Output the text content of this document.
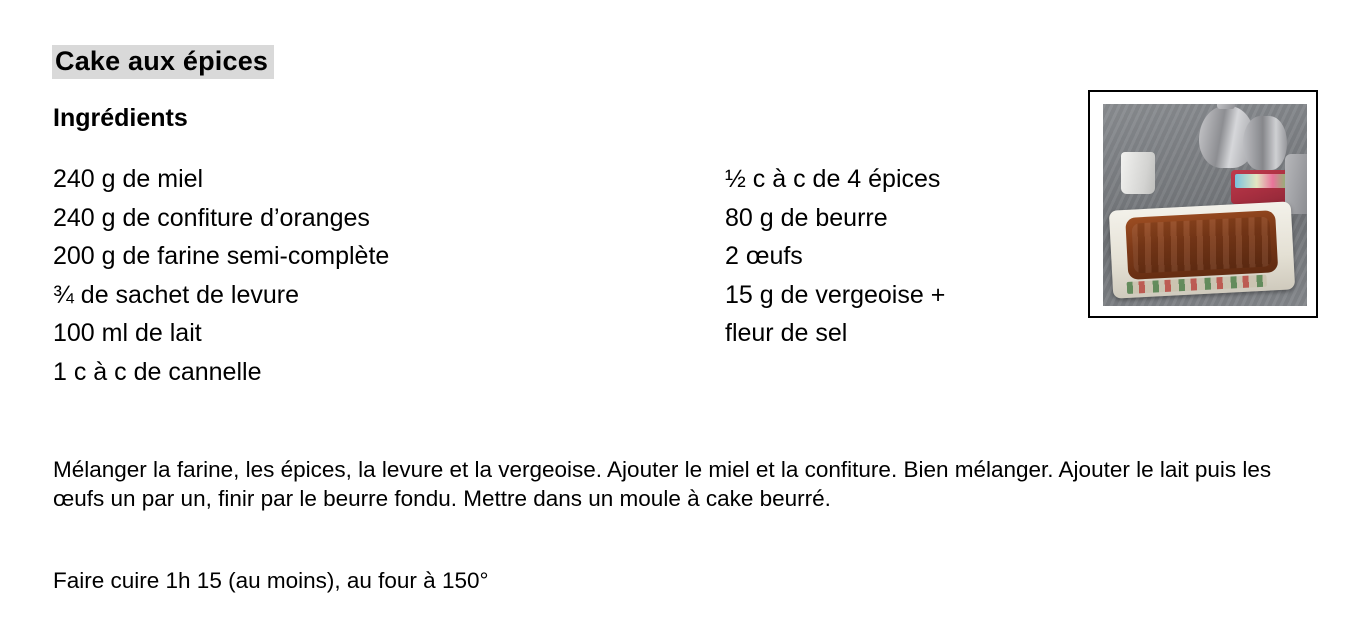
Cake aux épices
Ingrédients
240 g de miel
240 g de confiture d’oranges
200 g de farine semi-complète
¾ de sachet de levure
100 ml de lait
1 c à c de cannelle
½ c à c de 4 épices
80 g de beurre
2 œufs
15 g de vergeoise +
fleur de sel
Mélanger la farine, les épices, la levure et la vergeoise. Ajouter le miel et la confiture. Bien mélanger. Ajouter le lait puis les œufs un par un, finir par le beurre fondu. Mettre dans un moule à cake beurré.
Faire cuire 1h 15 (au moins), au four à 150°
